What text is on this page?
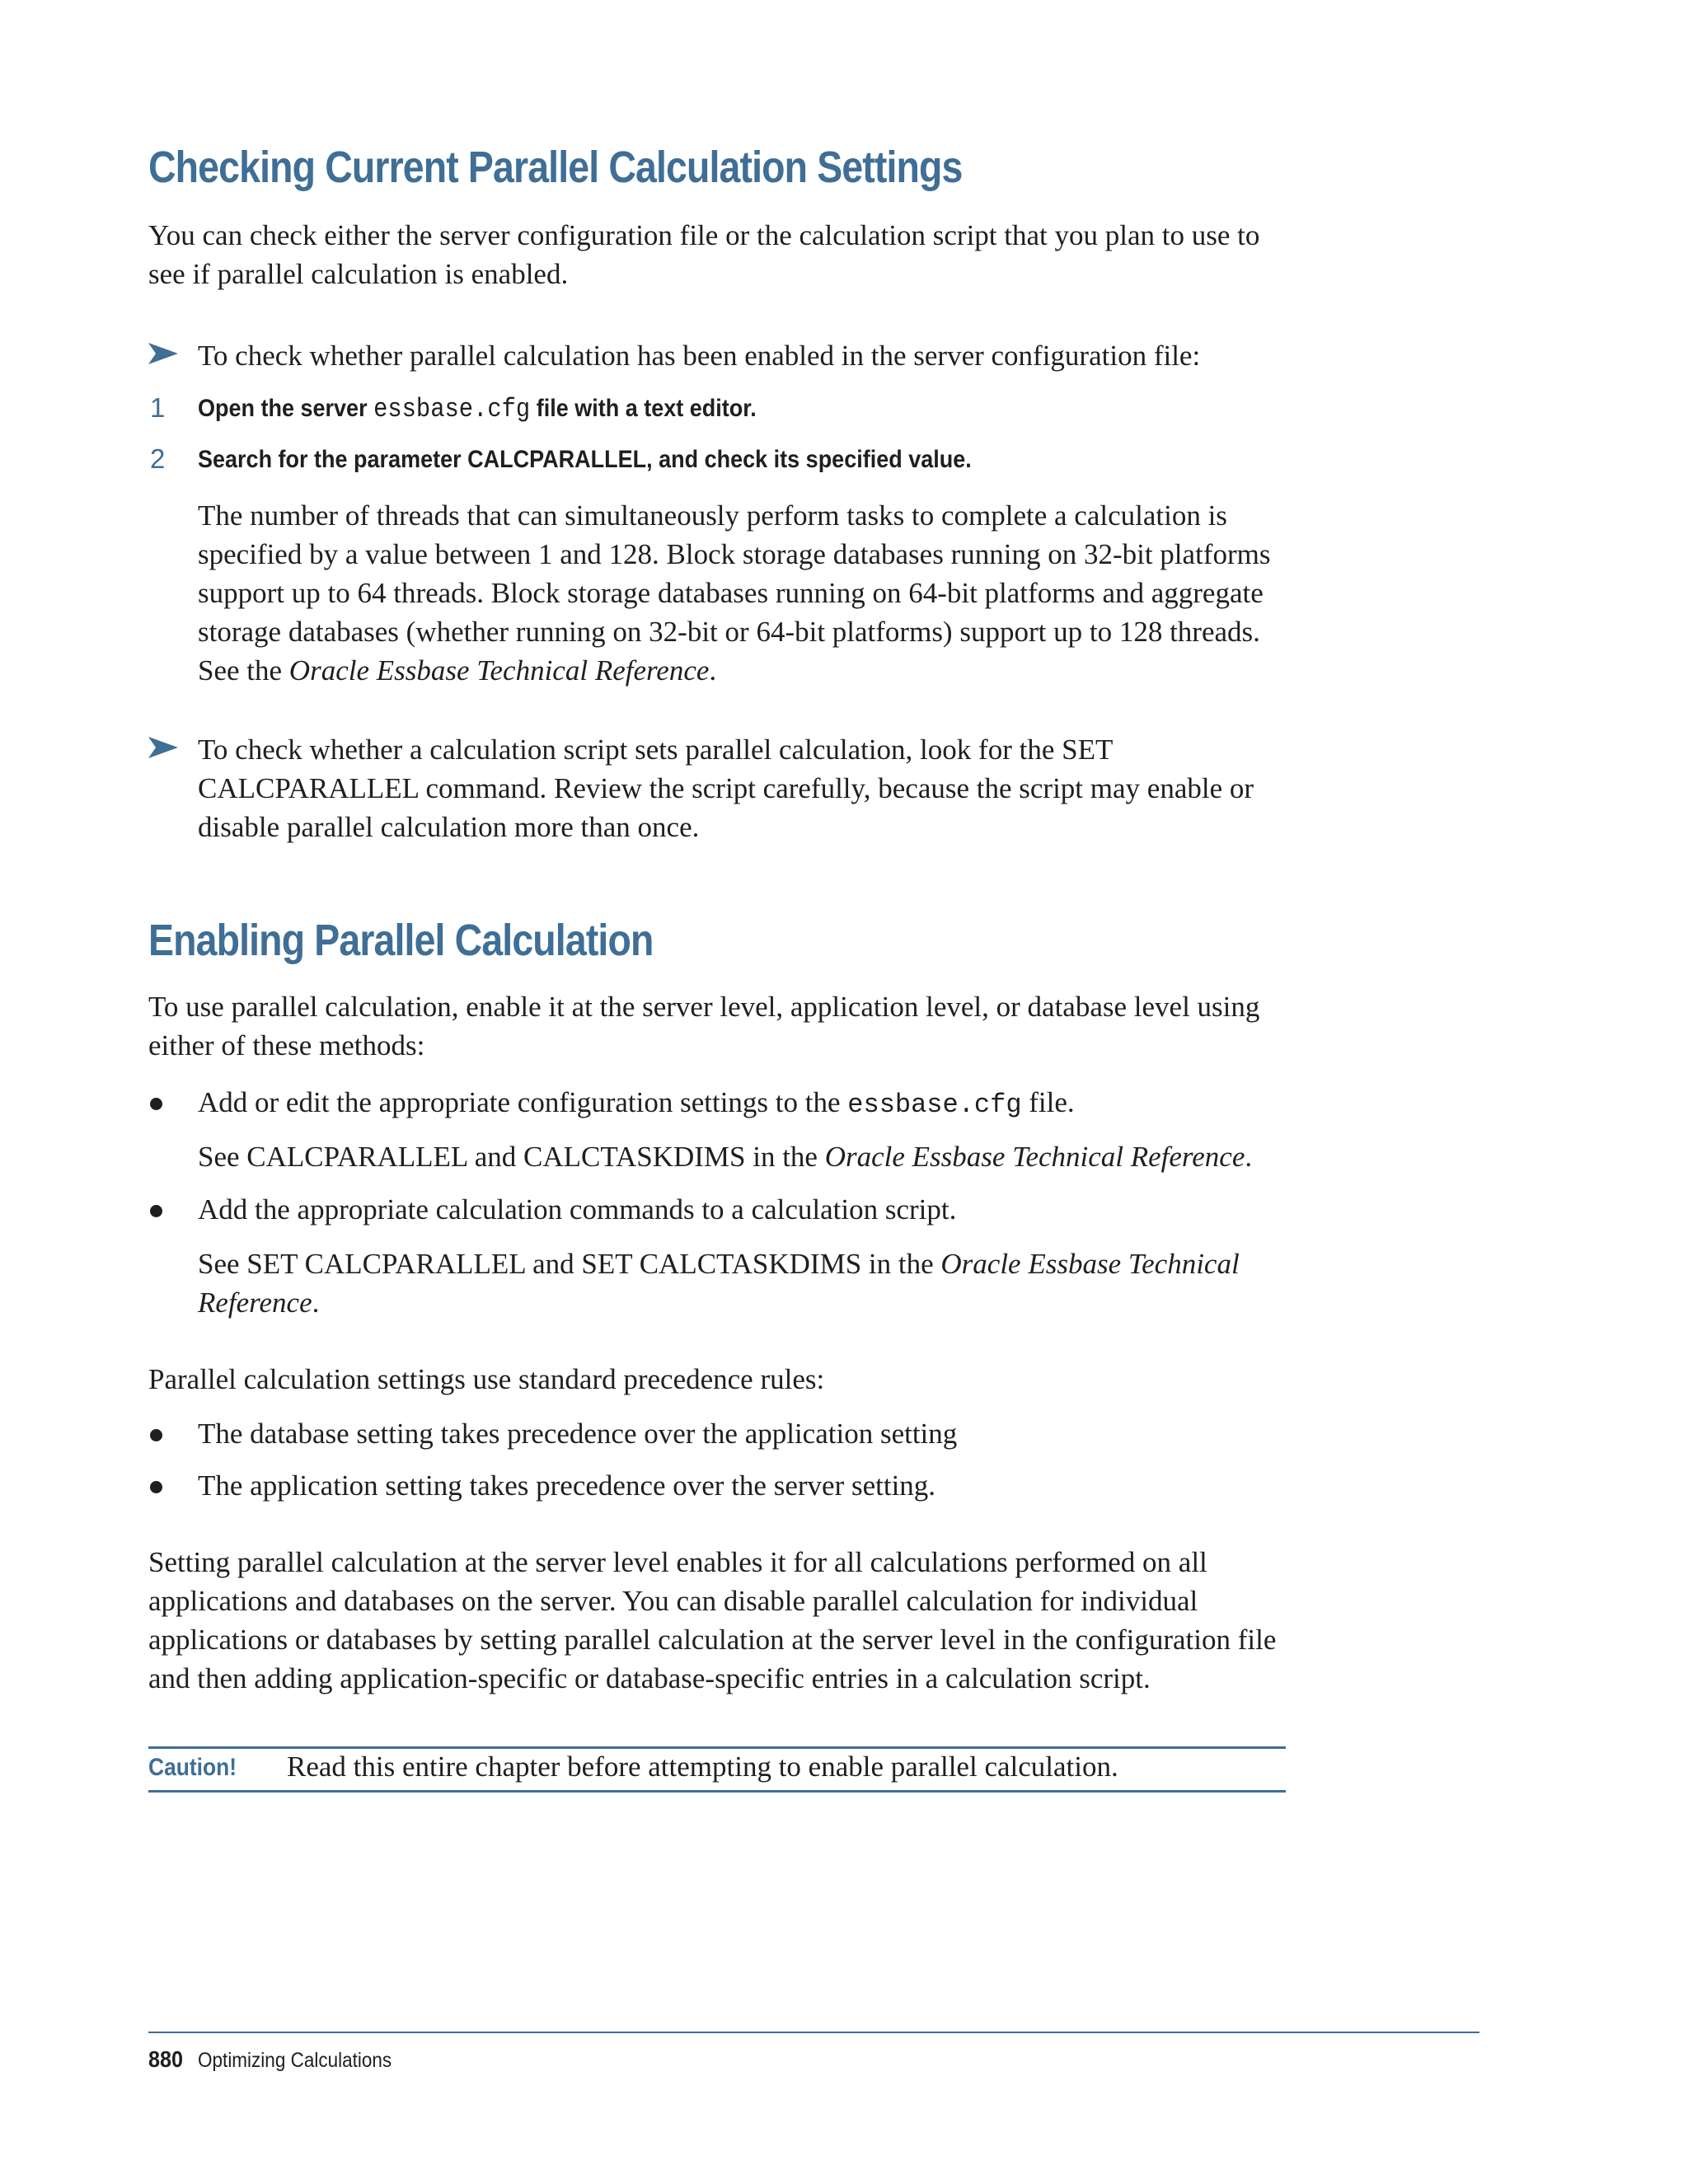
Checking Current Parallel Calculation Settings

You can check either the server configuration file or the calculation script that you plan to use to see if parallel calculation is enabled.

To check whether parallel calculation has been enabled in the server configuration file:

1 Open the server essbase.cfg file with a text editor.

2 Search for the parameter CALCPARALLEL, and check its specified value.

The number of threads that can simultaneously perform tasks to complete a calculation is specified by a value between 1 and 128. Block storage databases running on 32-bit platforms support up to 64 threads. Block storage databases running on 64-bit platforms and aggregate storage databases (whether running on 32-bit or 64-bit platforms) support up to 128 threads. See the Oracle Essbase Technical Reference.

To check whether a calculation script sets parallel calculation, look for the SET CALCPARALLEL command. Review the script carefully, because the script may enable or disable parallel calculation more than once.

Enabling Parallel Calculation

To use parallel calculation, enable it at the server level, application level, or database level using either of these methods:

Add or edit the appropriate configuration settings to the essbase.cfg file.

See CALCPARALLEL and CALCTASKDIMS in the Oracle Essbase Technical Reference.

Add the appropriate calculation commands to a calculation script.

See SET CALCPARALLEL and SET CALCTASKDIMS in the Oracle Essbase Technical Reference.

Parallel calculation settings use standard precedence rules:

The database setting takes precedence over the application setting

The application setting takes precedence over the server setting.

Setting parallel calculation at the server level enables it for all calculations performed on all applications and databases on the server. You can disable parallel calculation for individual applications or databases by setting parallel calculation at the server level in the configuration file and then adding application-specific or database-specific entries in a calculation script.

Caution! Read this entire chapter before attempting to enable parallel calculation.
880 Optimizing Calculations
